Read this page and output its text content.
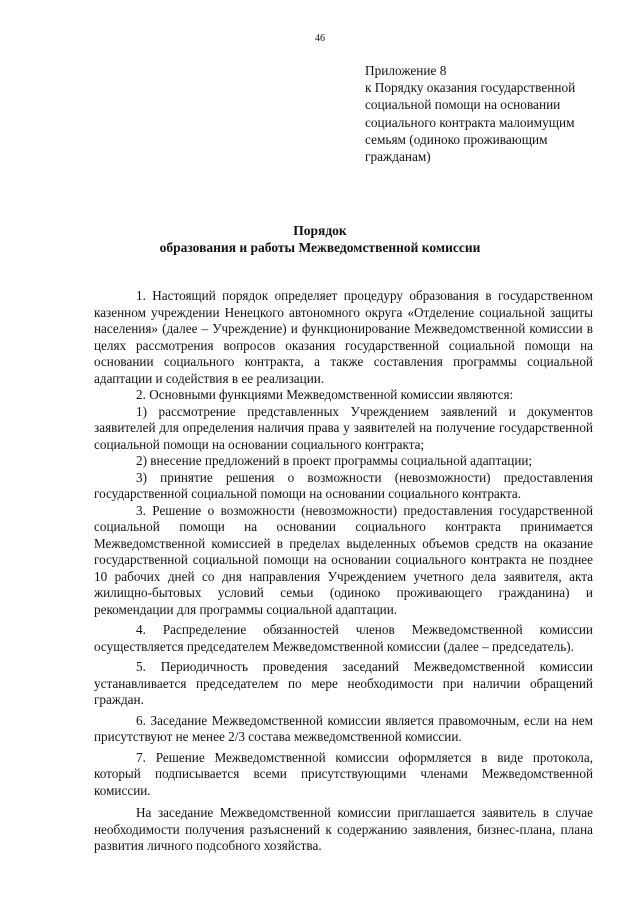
46
Приложение 8
к Порядку оказания государственной
социальной помощи на основании
социального контракта малоимущим
семьям (одиноко проживающим
гражданам)
Порядок
образования и работы Межведомственной комиссии

1. Настоящий порядок определяет процедуру образования в государственном казенном учреждении Ненецкого автономного округа «Отделение социальной защиты населения» (далее – Учреждение) и функционирование Межведомственной комиссии в целях рассмотрения вопросов оказания государственной социальной помощи на основании социального контракта, а также составления программы социальной адаптации и содействия в ее реализации.

2. Основными функциями Межведомственной комиссии являются:

1) рассмотрение представленных Учреждением заявлений и документов заявителей для определения наличия права у заявителей на получение государственной социальной помощи на основании социального контракта;

2) внесение предложений в проект программы социальной адаптации;

3) принятие решения о возможности (невозможности) предоставления государственной социальной помощи на основании социального контракта.

3. Решение о возможности (невозможности) предоставления государственной социальной помощи на основании социального контракта принимается Межведомственной комиссией в пределах выделенных объемов средств на оказание государственной социальной помощи на основании социального контракта не позднее 10 рабочих дней со дня направления Учреждением учетного дела заявителя, акта жилищно-бытовых условий семьи (одиноко проживающего гражданина) и рекомендации для программы социальной адаптации.

4. Распределение обязанностей членов Межведомственной комиссии осуществляется председателем Межведомственной комиссии (далее – председатель).

5. Периодичность проведения заседаний Межведомственной комиссии устанавливается председателем по мере необходимости при наличии обращений граждан.

6. Заседание Межведомственной комиссии является правомочным, если на нем присутствуют не менее 2/3 состава межведомственной комиссии.

7. Решение Межведомственной комиссии оформляется в виде протокола, который подписывается всеми присутствующими членами Межведомственной комиссии.

На заседание Межведомственной комиссии приглашается заявитель в случае необходимости получения разъяснений к содержанию заявления, бизнес-плана, плана развития личного подсобного хозяйства.
